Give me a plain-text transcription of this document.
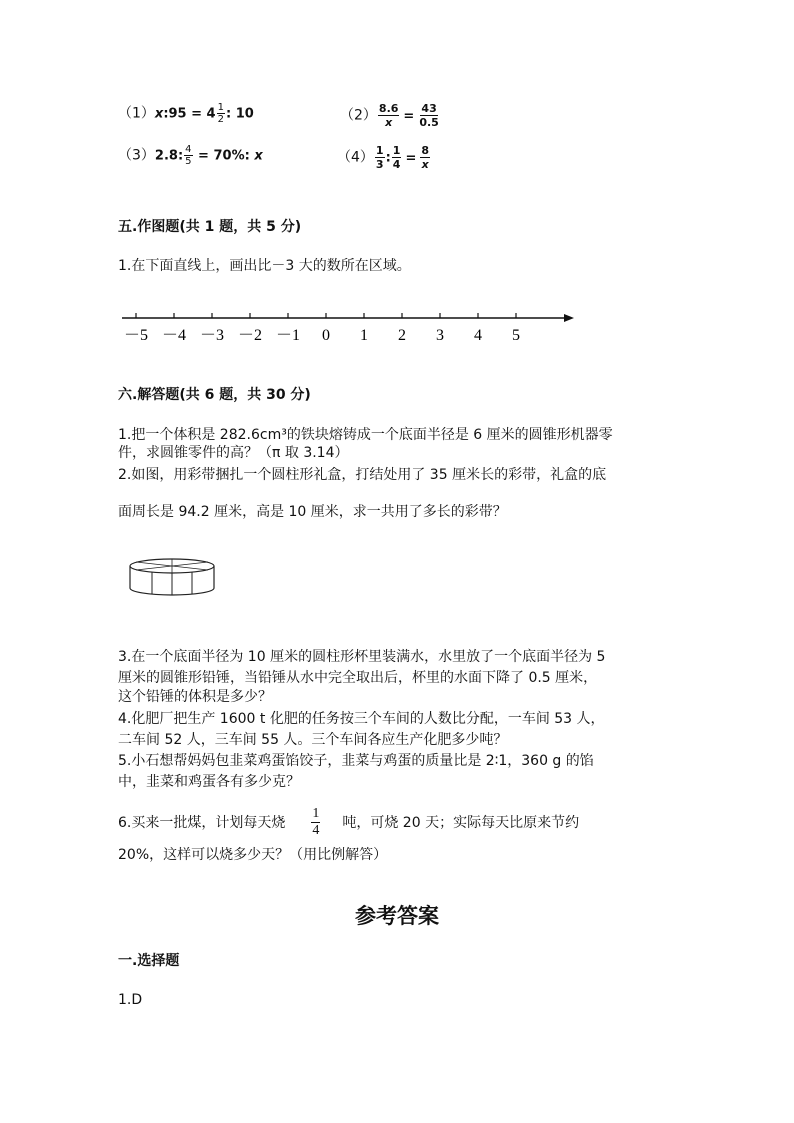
（1）x:95 = $4 \frac{1}{2}$ : 10	$(2) \frac{8.6}{x} = \frac{43}{0.5}$
（3）2.8: $\frac{4}{5} = 70\%$: x	$(4) \frac{1}{3}$ : $\frac{1}{4} = \frac{8}{x}$
五.作图题(共 1 题，共 5 分)
1.在下面直线上，画出比－3 大的数所在区域。
－5 －4 －3 －2 －1 0 1 2 3 4 5
六.解答题(共 6 题，共 30 分)
1.把一个体积是 282.6cm³的铁块熔铸成一个底面半径是 6 厘米的圆锥形机器零
件，求圆锥零件的高？（π 取 3.14）
2.如图，用彩带捆扎一个圆柱形礼盒，打结处用了 35 厘米长的彩带，礼盒的底
面周长是 94.2 厘米，高是 10 厘米，求一共用了多长的彩带？
3.在一个底面半径为 10 厘米的圆柱形杯里装满水，水里放了一个底面半径为 5
厘米的圆锥形铅锤，当铅锤从水中完全取出后，杯里的水面下降了 0.5 厘米，
这个铅锤的体积是多少？
4.化肥厂把生产 1600 t 化肥的任务按三个车间的人数比分配，一车间 53 人，
二车间 52 人，三车间 55 人。三个车间各应生产化肥多少吨？
5.小石想帮妈妈包韭菜鸡蛋馅饺子，韭菜与鸡蛋的质量比是 2∶1，360 g 的馅
中，韭菜和鸡蛋各有多少克？
6.买来一批煤，计划每天烧 $\frac{1}{4}$ 吨，可烧 20 天；实际每天比原来节约
20%，这样可以烧多少天？（用比例解答）
参考答案
一.选择题
1.D
